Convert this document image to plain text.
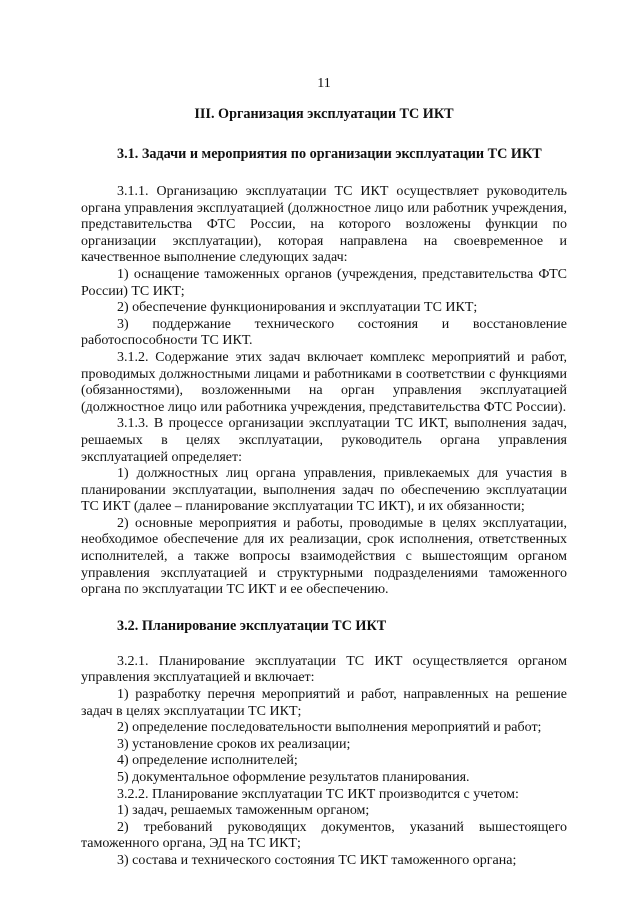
11
III. Организация эксплуатации ТС ИКТ
3.1. Задачи и мероприятия по организации эксплуатации ТС ИКТ

3.1.1. Организацию эксплуатации ТС ИКТ осуществляет руководитель органа управления эксплуатацией (должностное лицо или работник учреждения, представительства ФТС России, на которого возложены функции по организации эксплуатации), которая направлена на своевременное и качественное выполнение следующих задач:

1) оснащение таможенных органов (учреждения, представительства ФТС России) ТС ИКТ;

2) обеспечение функционирования и эксплуатации ТС ИКТ;

3) поддержание технического состояния и восстановление работоспособности ТС ИКТ.

3.1.2. Содержание этих задач включает комплекс мероприятий и работ, проводимых должностными лицами и работниками в соответствии с функциями (обязанностями), возложенными на орган управления эксплуатацией (должностное лицо или работника учреждения, представительства ФТС России).

3.1.3. В процессе организации эксплуатации ТС ИКТ, выполнения задач, решаемых в целях эксплуатации, руководитель органа управления эксплуатацией определяет:

1) должностных лиц органа управления, привлекаемых для участия в планировании эксплуатации, выполнения задач по обеспечению эксплуатации ТС ИКТ (далее – планирование эксплуатации ТС ИКТ), и их обязанности;

2) основные мероприятия и работы, проводимые в целях эксплуатации, необходимое обеспечение для их реализации, срок исполнения, ответственных исполнителей, а также вопросы взаимодействия с вышестоящим органом управления эксплуатацией и структурными подразделениями таможенного органа по эксплуатации ТС ИКТ и ее обеспечению.

3.2. Планирование эксплуатации ТС ИКТ

3.2.1. Планирование эксплуатации ТС ИКТ осуществляется органом управления эксплуатацией и включает:

1) разработку перечня мероприятий и работ, направленных на решение задач в целях эксплуатации ТС ИКТ;

2) определение последовательности выполнения мероприятий и работ;

3) установление сроков их реализации;

4) определение исполнителей;

5) документальное оформление результатов планирования.

3.2.2. Планирование эксплуатации ТС ИКТ производится с учетом:

1) задач, решаемых таможенным органом;

2) требований руководящих документов, указаний вышестоящего таможенного органа, ЭД на ТС ИКТ;

3) состава и технического состояния ТС ИКТ таможенного органа;
